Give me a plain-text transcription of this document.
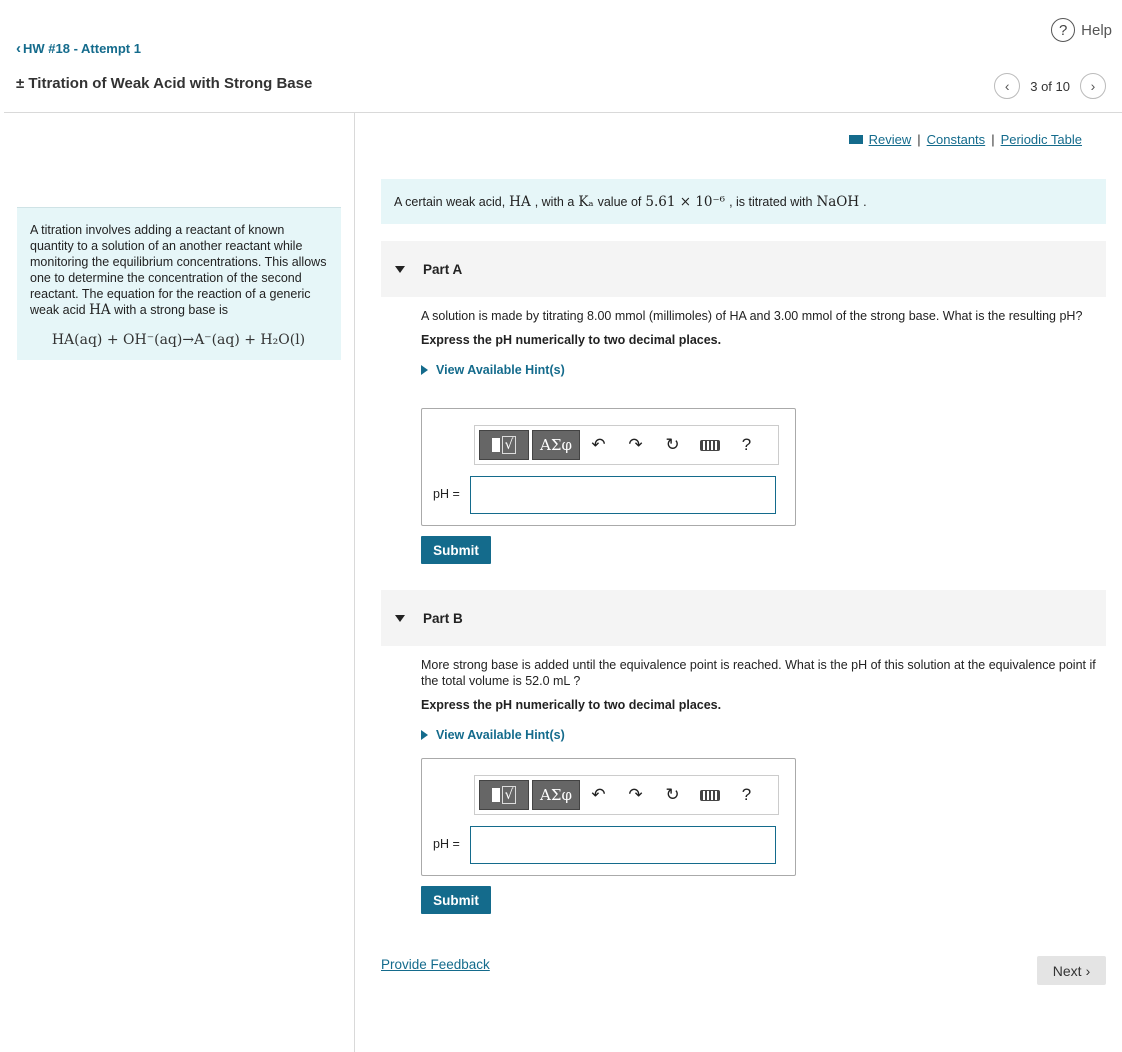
? Help
‹ HW #18 - Attempt 1
± Titration of Weak Acid with Strong Base	‹ 3 of 10 ›
A titration involves adding a reactant of known quantity to a solution of an another reactant while monitoring the equilibrium concentrations. This allows one to determine the concentration of the second reactant. The equation for the reaction of a generic weak acid HA with a strong base is
HA(aq) + OH⁻(aq)→A⁻(aq) + H₂O(l)
Review | Constants | Periodic Table
A certain weak acid, HA , with a Kₐ value of 5.61 × 10⁻⁶ , is titrated with NaOH .
Part A
A solution is made by titrating 8.00 mmol (millimoles) of HA and 3.00 mmol of the strong base. What is the resulting pH?
Express the pH numerically to two decimal places.
View Available Hint(s)
√	ΑΣφ	↶	↷	↻	?
pH =
Submit
Part B
More strong base is added until the equivalence point is reached. What is the pH of this solution at the equivalence point if the total volume is 52.0 mL ?
Express the pH numerically to two decimal places.
View Available Hint(s)
√	ΑΣφ	↶	↷	↻	?
pH =
Submit
Provide Feedback	Next ›
